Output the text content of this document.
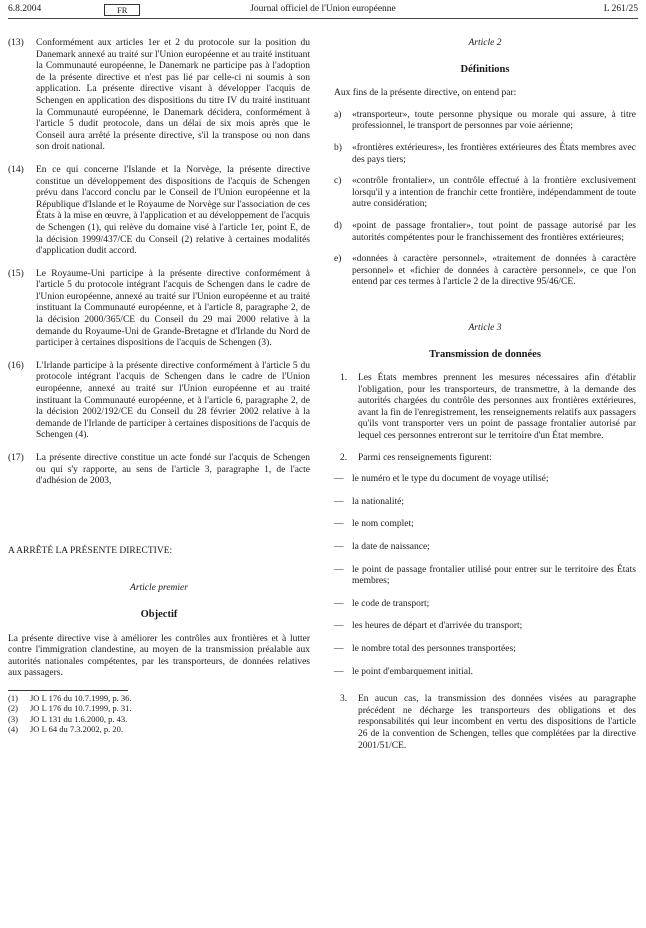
6.8.2004	FR	Journal officiel de l'Union européenne	L 261/25
(13)	Conformément aux articles 1er et 2 du protocole sur la position du Danemark annexé au traité sur l'Union européenne et au traité instituant la Communauté européenne, le Danemark ne participe pas à l'adoption de la présente directive et n'est pas lié par celle-ci ni soumis à son application. La présente directive visant à développer l'acquis de Schengen en application des dispositions du titre IV du traité instituant la Communauté européenne, le Danemark décidera, conformément à l'article 5 dudit protocole, dans un délai de six mois après que le Conseil aura arrêté la présente directive, s'il la transpose ou non dans son droit national.
(14)	En ce qui concerne l'Islande et la Norvège, la présente directive constitue un développement des dispositions de l'acquis de Schengen prévu dans l'accord conclu par le Conseil de l'Union européenne et la République d'Islande et le Royaume de Norvège sur l'association de ces États à la mise en œuvre, à l'application et au développement de l'acquis de Schengen (1), qui relève du domaine visé à l'article 1er, point E, de la décision 1999/437/CE du Conseil (2) relative à certaines modalités d'application dudit accord.
(15)	Le Royaume-Uni participe à la présente directive conformément à l'article 5 du protocole intégrant l'acquis de Schengen dans le cadre de l'Union européenne, annexé au traité sur l'Union européenne et au traité instituant la Communauté européenne, et à l'article 8, paragraphe 2, de la décision 2000/365/CE du Conseil du 29 mai 2000 relative à la demande du Royaume-Uni de Grande-Bretagne et d'Irlande du Nord de participer à certaines dispositions de l'acquis de Schengen (3).
(16)	L'Irlande participe à la présente directive conformément à l'article 5 du protocole intégrant l'acquis de Schengen dans le cadre de l'Union européenne, annexé au traité sur l'Union européenne et au traité instituant la Communauté européenne, et à l'article 6, paragraphe 2, de la décision 2002/192/CE du Conseil du 28 février 2002 relative à la demande de l'Irlande de participer à certaines dispositions de l'acquis de Schengen (4).
(17)	La présente directive constitue un acte fondé sur l'acquis de Schengen ou qui s'y rapporte, au sens de l'article 3, paragraphe 1, de l'acte d'adhésion de 2003,
A ARRÊTÉ LA PRÉSENTE DIRECTIVE:
Article premier
Objectif
La présente directive vise à améliorer les contrôles aux frontières et à lutter contre l'immigration clandestine, au moyen de la transmission préalable aux autorités nationales compétentes, par les transporteurs, de données relatives aux passagers.
(1) JO L 176 du 10.7.1999, p. 36.
(2) JO L 176 du 10.7.1999, p. 31.
(3) JO L 131 du 1.6.2000, p. 43.
(4) JO L 64 du 7.3.2002, p. 20.
Article 2
Définitions
Aux fins de la présente directive, on entend par:
a)	«transporteur», toute personne physique ou morale qui assure, à titre professionnel, le transport de personnes par voie aérienne;
b)	«frontières extérieures», les frontières extérieures des États membres avec des pays tiers;
c)	«contrôle frontalier», un contrôle effectué à la frontière exclusivement lorsqu'il y a intention de franchir cette frontière, indépendamment de toute autre considération;
d)	«point de passage frontalier», tout point de passage autorisé par les autorités compétentes pour le franchissement des frontières extérieures;
e)	«données à caractère personnel», «traitement de données à caractère personnel» et «fichier de données à caractère personnel», ce que l'on entend par ces termes à l'article 2 de la directive 95/46/CE.
Article 3
Transmission de données
1.	Les États membres prennent les mesures nécessaires afin d'établir l'obligation, pour les transporteurs, de transmettre, à la demande des autorités chargées du contrôle des personnes aux frontières extérieures, avant la fin de l'enregistrement, les renseignements relatifs aux passagers qu'ils vont transporter vers un point de passage frontalier autorisé par lequel ces personnes entreront sur le territoire d'un État membre.
2.	Parmi ces renseignements figurent:
— le numéro et le type du document de voyage utilisé;
— la nationalité;
— le nom complet;
— la date de naissance;
— le point de passage frontalier utilisé pour entrer sur le territoire des États membres;
— le code de transport;
— les heures de départ et d'arrivée du transport;
— le nombre total des personnes transportées;
— le point d'embarquement initial.
3.	En aucun cas, la transmission des données visées au paragraphe précédent ne décharge les transporteurs des obligations et des responsabilités qui leur incombent en vertu des dispositions de l'article 26 de la convention de Schengen, telles que complétées par la directive 2001/51/CE.
